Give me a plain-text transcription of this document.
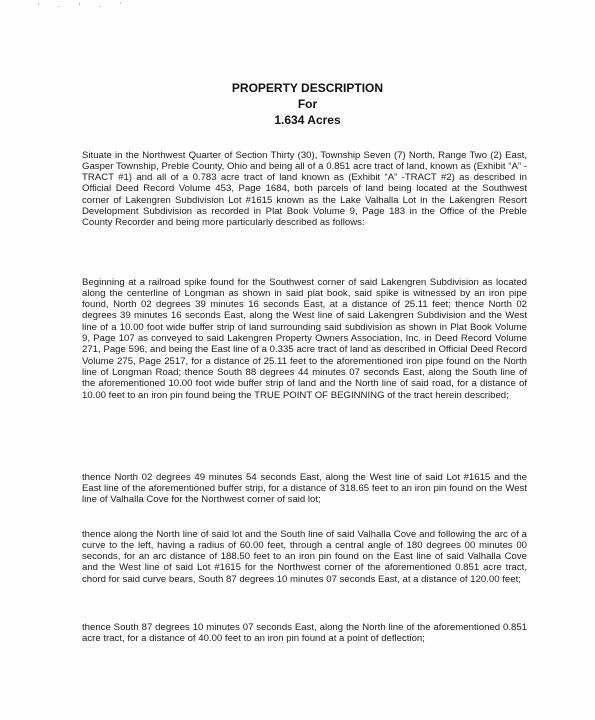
' · ' · `
PROPERTY DESCRIPTION
For
1.634 Acres

Situate in the Northwest Quarter of Section Thirty (30), Township Seven (7) North, Range Two (2) East, Gasper Township, Preble County, Ohio and being all of a 0.851 acre tract of land, known as (Exhibit “A” - TRACT #1) and all of a 0.783 acre tract of land known as (Exhibit “A” -TRACT #2) as described in Official Deed Record Volume 453, Page 1684, both parcels of land being located at the Southwest corner of Lakengren Subdivision Lot #1615 known as the Lake Valhalla Lot in the Lakengren Resort Development Subdivision as recorded in Plat Book Volume 9, Page 183 in the Office of the Preble County Recorder and being more particularly described as follows:

Beginning at a railroad spike found for the Southwest corner of said Lakengren Subdivision as located along the centerline of Longman as shown in said plat book, said spike is witnessed by an iron pipe found, North 02 degrees 39 minutes 16 seconds East, at a distance of 25.11 feet; thence North 02 degrees 39 minutes 16 seconds East, along the West line of said Lakengren Subdivision and the West line of a 10.00 foot wide buffer strip of land surrounding said subdivision as shown in Plat Book Volume 9, Page 107 as conveyed to said Lakengren Property Owners Association, Inc. in Deed Record Volume 271, Page 596, and being the East line of a 0.335 acre tract of land as described in Official Deed Record Volume 275, Page 2517, for a distance of 25.11 feet to the aforementioned iron pipe found on the North line of Longman Road; thence South 88 degrees 44 minutes 07 seconds East, along the South line of the aforementioned 10.00 foot wide buffer strip of land and the North line of said road, for a distance of 10.00 feet to an iron pin found being the TRUE POINT OF BEGINNING of the tract herein described;

thence North 02 degrees 49 minutes 54 seconds East, along the West line of said Lot #1615 and the East line of the aforementioned buffer strip, for a distance of 318.65 feet to an iron pin found on the West line of Valhalla Cove for the Northwest corner of said lot;

thence along the North line of said lot and the South line of said Valhalla Cove and following the arc of a curve to the left, having a radius of 60.00 feet, through a central angle of 180 degrees 00 minutes 00 seconds, for an arc distance of 188.50 feet to an iron pin found on the East line of said Valhalla Cove and the West line of said Lot #1615 for the Northwest corner of the aforementioned 0.851 acre tract, chord for said curve bears, South 87 degrees 10 minutes 07 seconds East, at a distance of 120.00 feet;

thence South 87 degrees 10 minutes 07 seconds East, along the North line of the aforementioned 0.851 acre tract, for a distance of 40.00 feet to an iron pin found at a point of deflection;
